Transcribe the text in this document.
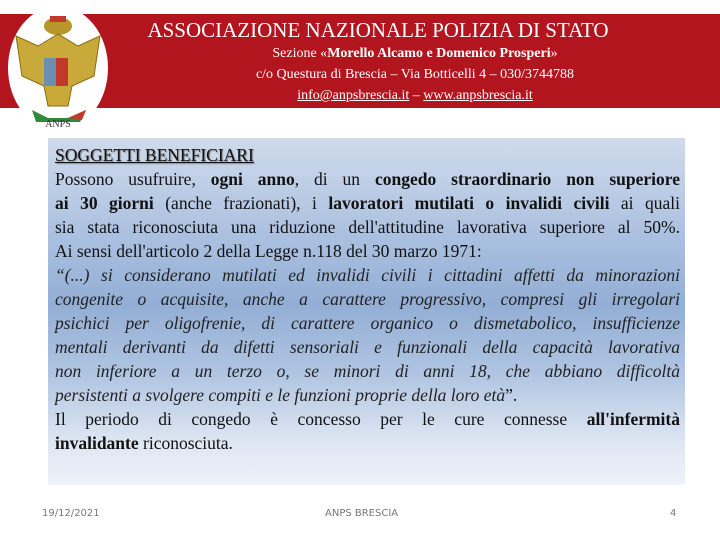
ANPS
ASSOCIAZIONE NAZIONALE POLIZIA DI STATO
Sezione «Morello Alcamo e Domenico Prosperi»
c/o Questura di Brescia – Via Botticelli 4 – 030/3744788
info@anpsbrescia.it – www.anpsbrescia.it
SOGGETTI BENEFICIARI
Possono usufruire, ogni anno, di un congedo straordinario non superiore
ai 30 giorni (anche frazionati), i lavoratori mutilati o invalidi civili ai quali
sia stata riconosciuta una riduzione dell'attitudine lavorativa superiore al 50%.
Ai sensi dell'articolo 2 della Legge n.118 del 30 marzo 1971:
“(...) si considerano mutilati ed invalidi civili i cittadini affetti da minorazioni
congenite o acquisite, anche a carattere progressivo, compresi gli irregolari
psichici per oligofrenie, di carattere organico o dismetabolico, insufficienze
mentali derivanti da difetti sensoriali e funzionali della capacità lavorativa
non inferiore a un terzo o, se minori di anni 18, che abbiano difficoltà
persistenti a svolgere compiti e le funzioni proprie della loro età”.
Il periodo di congedo è concesso per le cure connesse all'infermità
invalidante riconosciuta.
19/12/2021	ANPS BRESCIA	4
